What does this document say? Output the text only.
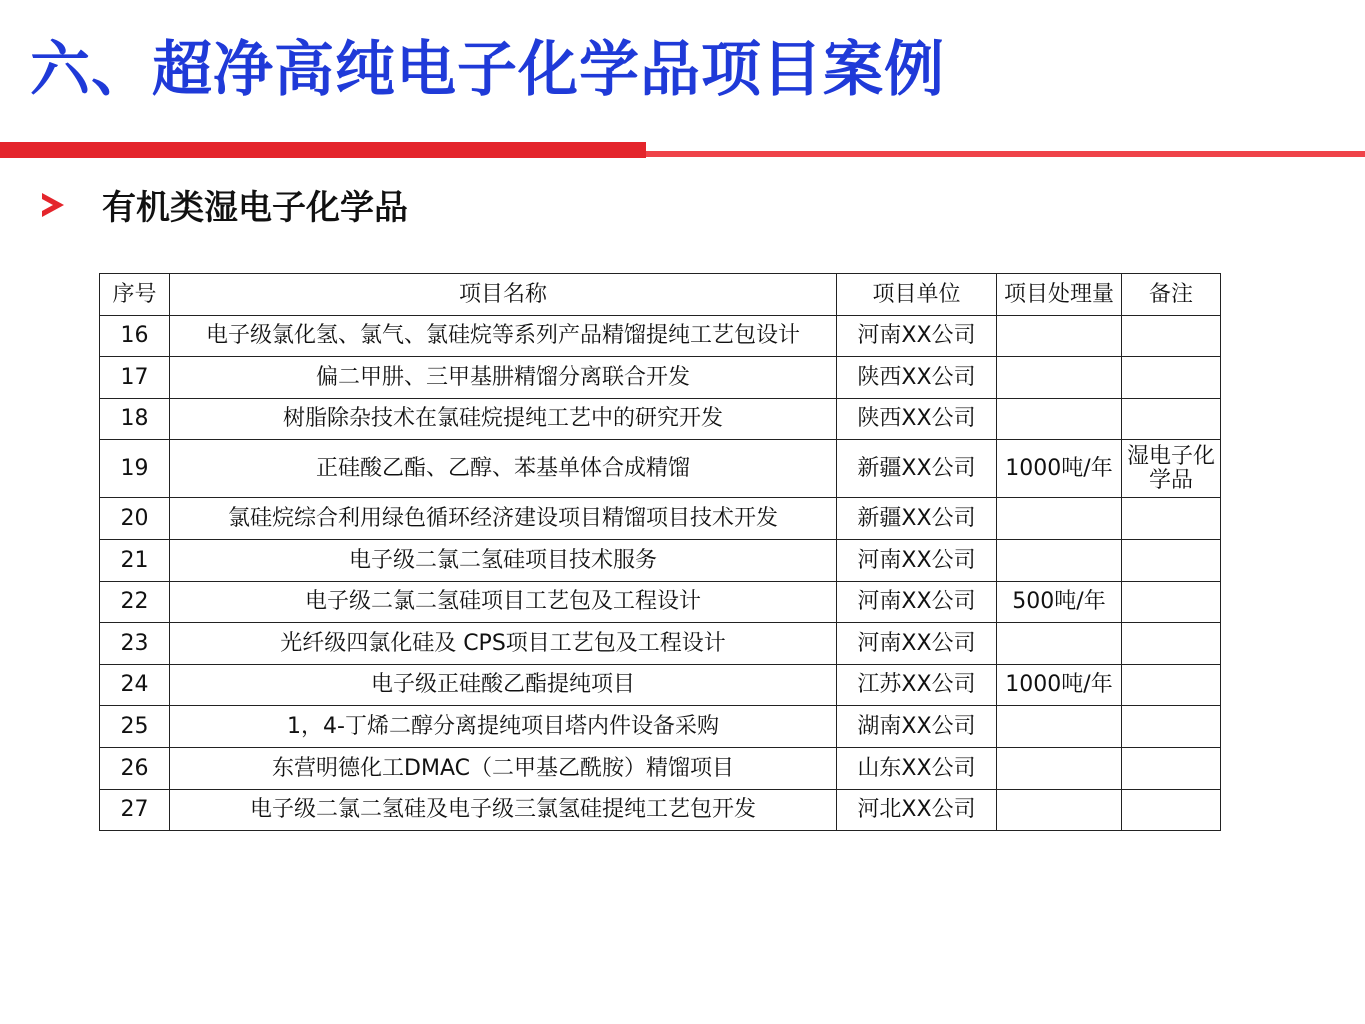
六、超净高纯电子化学品项目案例
有机类湿电子化学品
序号	项目名称	项目单位	项目处理量	备注
16	电子级氯化氢、氯气、氯硅烷等系列产品精馏提纯工艺包设计	河南XX公司		
17	偏二甲肼、三甲基肼精馏分离联合开发	陕西XX公司		
18	树脂除杂技术在氯硅烷提纯工艺中的研究开发	陕西XX公司		
19	正硅酸乙酯、乙醇、苯基单体合成精馏	新疆XX公司	1000吨/年	湿电子化学品
20	氯硅烷综合利用绿色循环经济建设项目精馏项目技术开发	新疆XX公司		
21	电子级二氯二氢硅项目技术服务	河南XX公司		
22	电子级二氯二氢硅项目工艺包及工程设计	河南XX公司	500吨/年	
23	光纤级四氯化硅及 CPS项目工艺包及工程设计	河南XX公司		
24	电子级正硅酸乙酯提纯项目	江苏XX公司	1000吨/年	
25	1，4-丁烯二醇分离提纯项目塔内件设备采购	湖南XX公司		
26	东营明德化工DMAC（二甲基乙酰胺）精馏项目	山东XX公司		
27	电子级二氯二氢硅及电子级三氯氢硅提纯工艺包开发	河北XX公司		
